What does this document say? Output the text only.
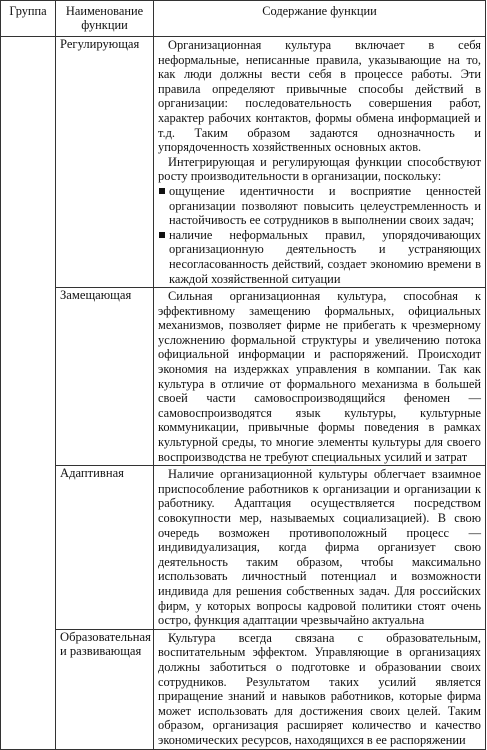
Группа	Наименование функции	Содержание функции
	Регулирующая	Организационная культура включает в себя неформальные, неписанные правила, указывающие на то, как люди должны вести себя в процессе работы. Эти правила определяют привычные способы действий в организации: последовательность совершения работ, характер рабочих контактов, формы обмена информацией и т.д. Таким образом задаются однозначность и упорядоченность хозяйственных основных актов.

Интегрирующая и регулирующая функции способствуют росту производительности в организации, поскольку:

ощущение идентичности и восприятие ценностей организации позволяют повысить целеустремленность и настойчивость ее сотрудников в выполнении своих задач;

наличие неформальных правил, упорядочивающих организационную деятельность и устраняющих несогласованность действий, создает экономию времени в каждой хозяйственной ситуации

	Замещающая	Сильная организационная культура, способная к эффективному замещению формальных, официальных механизмов, позволяет фирме не прибегать к чрезмерному усложнению формальной структуры и увеличению потока официальной информации и распоряжений. Происходит экономия на издержках управления в компании. Так как культура в отличие от формального механизма в большей своей части самовоспроизводящийся феномен — самовоспроизводятся язык культуры, культурные коммуникации, привычные формы поведения в рамках культурной среды, то многие элементы культуры для своего воспроизводства не требуют специальных усилий и затрат

	Адаптивная	Наличие организационной культуры облегчает взаимное приспособление работников к организации и организации к работнику. Адаптация осуществляется посредством совокупности мер, называемых социализацией). В свою очередь возможен противоположный процесс — индивидуализация, когда фирма организует свою деятельность таким образом, чтобы максимально использовать личностный потенциал и возможности индивида для решения собственных задач. Для российских фирм, у которых вопросы кадровой политики стоят очень остро, функция адаптации чрезвычайно актуальна

	Образовательная и развивающая	Культура всегда связана с образовательным, воспитательным эффектом. Управляющие в организациях должны заботиться о подготовке и образовании своих сотрудников. Результатом таких усилий является приращение знаний и навыков работников, которые фирма может использовать для достижения своих целей. Таким образом, организация расширяет количество и качество экономических ресурсов, находящихся в ее распоряжении
